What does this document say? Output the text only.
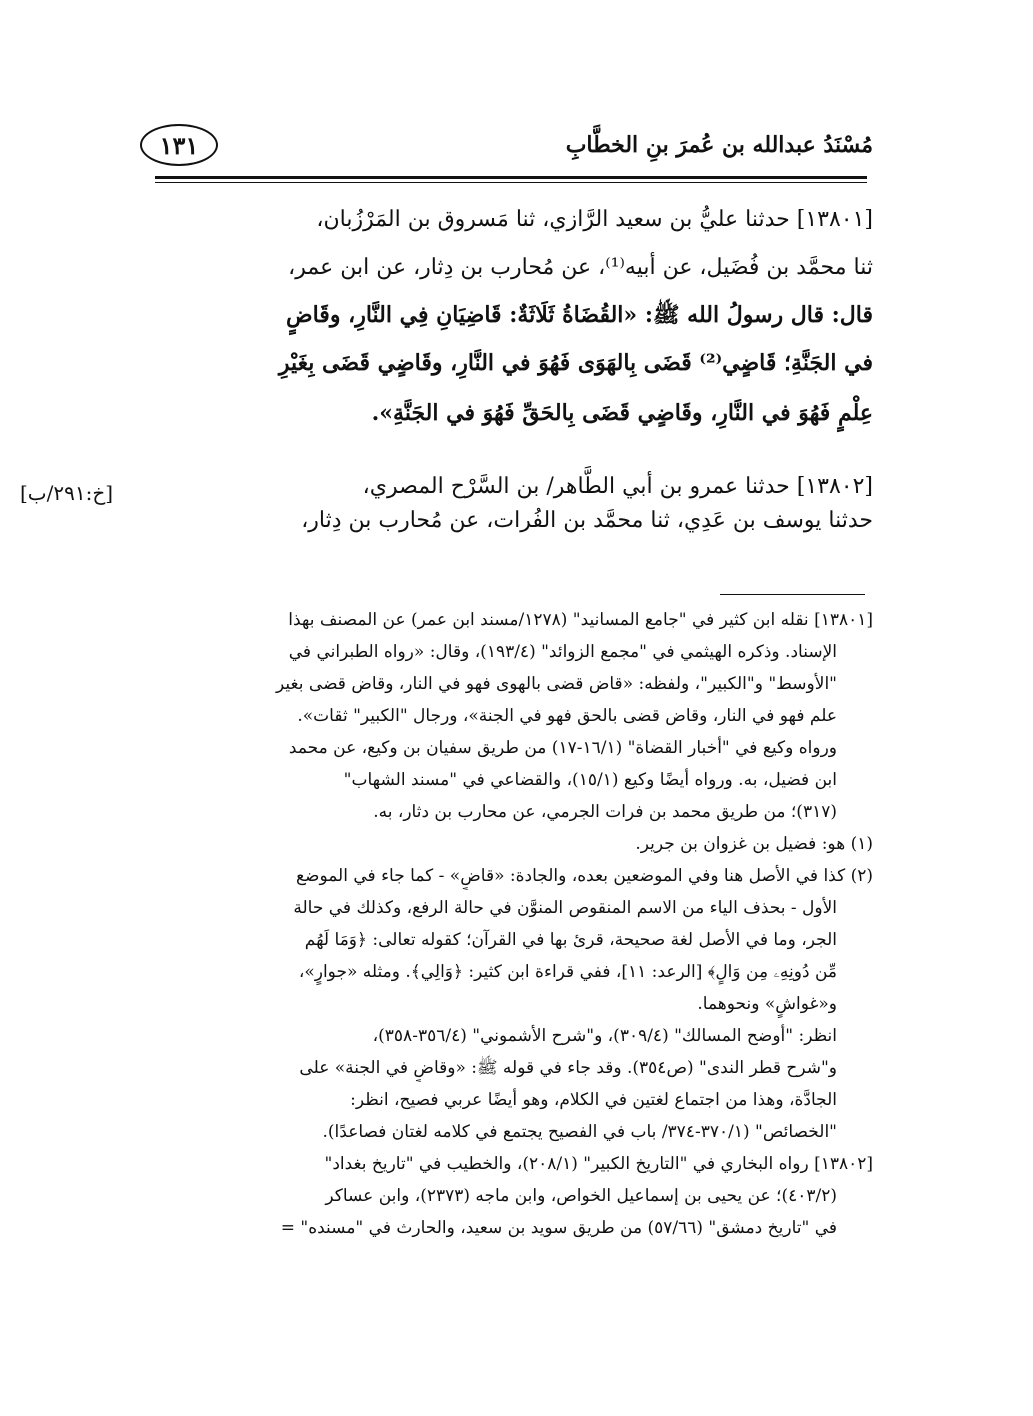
مُسْنَدُ عبدالله بن عُمرَ بنِ الخطَّابِ
١٣١
[١٣٨٠١] حدثنا عليُّ بن سعيد الرَّازي، ثنا مَسروق بن المَرْزُبان،
ثنا محمَّد بن فُضَيل، عن أبيه⁽¹⁾، عن مُحارب بن دِثار، عن ابن عمر،
قال: قال رسولُ الله ﷺ: «القُضَاةُ ثَلَاثَةٌ: قَاضِيَانِ فِي النَّارِ، وقَاضٍ
في الجَنَّةِ؛ قَاضٍي⁽²⁾ قَضَى بِالهَوَى فَهُوَ في النَّارِ، وقَاضٍي قَضَى بِغَيْرِ
عِلْمٍ فَهُوَ في النَّارِ، وقَاضٍي قَضَى بِالحَقِّ فَهُوَ في الجَنَّةِ».
[١٣٨٠٢] حدثنا عمرو بن أبي الطَّاهر/ بن السَّرْح المصري،
حدثنا يوسف بن عَدِي، ثنا محمَّد بن الفُرات، عن مُحارب بن دِثار،
[خ:٢٩١/ب]
[١٣٨٠١] نقله ابن كثير في "جامع المسانيد" (١٢٧٨/مسند ابن عمر) عن المصنف بهذا
الإسناد. وذكره الهيثمي في "مجمع الزوائد" (١٩٣/٤)، وقال: «رواه الطبراني في
"الأوسط" و"الكبير"، ولفظه: «قاض قضى بالهوى فهو في النار، وقاض قضى بغير
علم فهو في النار، وقاض قضى بالحق فهو في الجنة»، ورجال "الكبير" ثقات».
ورواه وكيع في "أخبار القضاة" (١٦/١-١٧) من طريق سفيان بن وكيع، عن محمد
ابن فضيل، به. ورواه أيضًا وكيع (١٥/١)، والقضاعي في "مسند الشهاب"
(٣١٧)؛ من طريق محمد بن فرات الجرمي، عن محارب بن دثار، به.
(١) هو: فضيل بن غزوان بن جرير.
(٢) كذا في الأصل هنا وفي الموضعين بعده، والجادة: «قاضٍ» - كما جاء في الموضع
الأول - بحذف الياء من الاسم المنقوص المنوَّن في حالة الرفع، وكذلك في حالة
الجر، وما في الأصل لغة صحيحة، قرئ بها في القرآن؛ كقوله تعالى: ﴿وَمَا لَهُم
مِّن دُونِهِۦ مِن وَالٍ﴾ [الرعد: ١١]، ففي قراءة ابن كثير: ﴿وَالِي﴾. ومثله «جوارٍ»،
و«غواشٍ» ونحوهما.
انظر: "أوضح المسالك" (٣٠٩/٤)، و"شرح الأشموني" (٣٥٦/٤-٣٥٨)،
و"شرح قطر الندى" (ص٣٥٤). وقد جاء في قوله ﷺ: «وقاضٍ في الجنة» على
الجادَّة، وهذا من اجتماع لغتين في الكلام، وهو أيضًا عربي فصيح، انظر:
"الخصائص" (٣٧٠/١-٣٧٤/ باب في الفصيح يجتمع في كلامه لغتان فصاعدًا).
[١٣٨٠٢] رواه البخاري في "التاريخ الكبير" (٢٠٨/١)، والخطيب في "تاريخ بغداد"
(٤٠٣/٢)؛ عن يحيى بن إسماعيل الخواص، وابن ماجه (٢٣٧٣)، وابن عساكر
في "تاريخ دمشق" (٥٧/٦٦) من طريق سويد بن سعيد، والحارث في "مسنده" =
